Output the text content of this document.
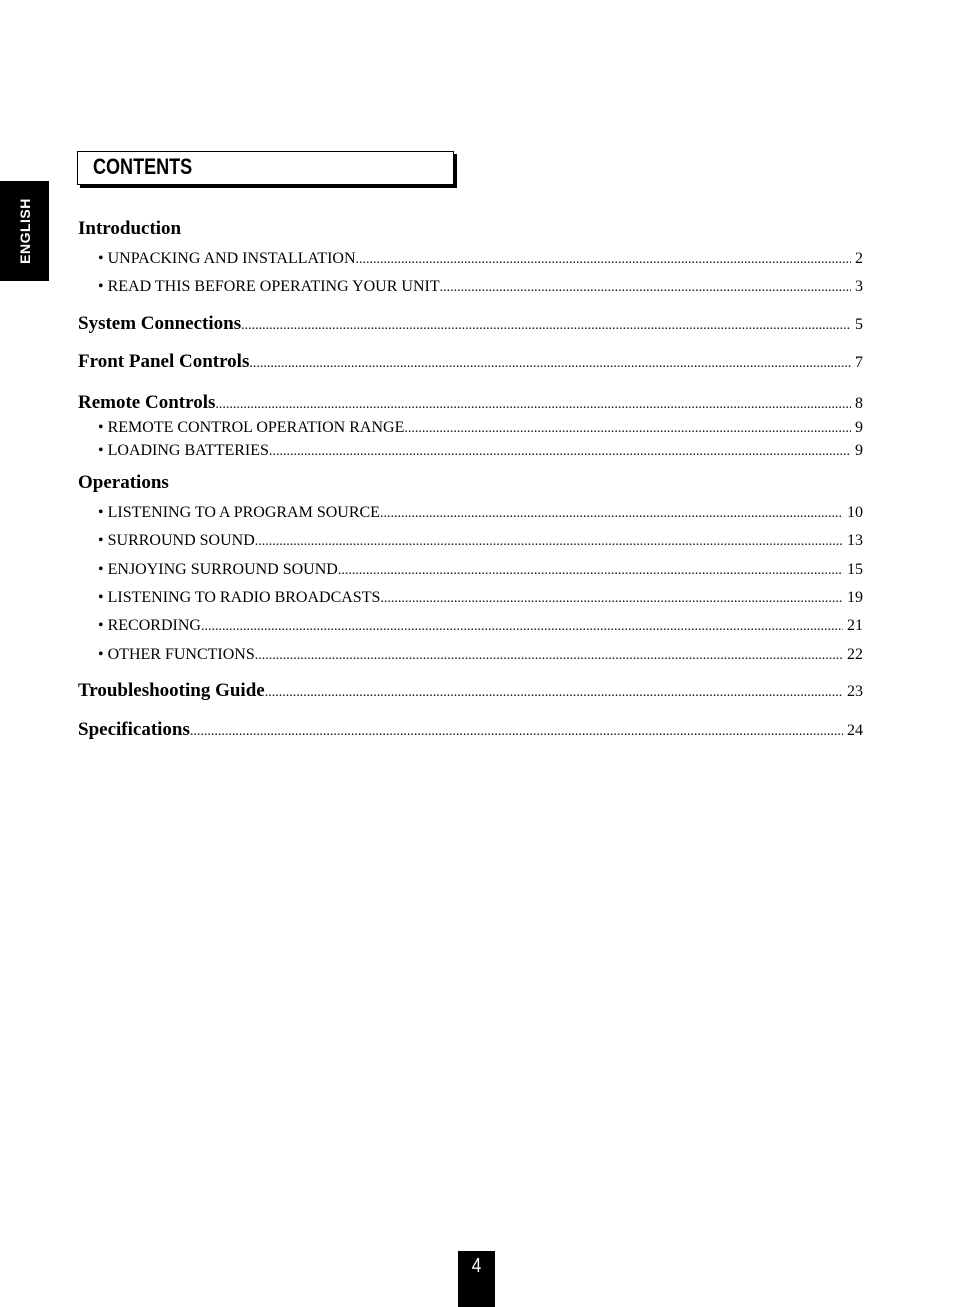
ENGLISH
CONTENTS
Introduction
• UNPACKING AND INSTALLATION .....	2
• READ THIS BEFORE OPERATING YOUR UNIT .....	3
System Connections .....	5
Front Panel Controls .....	7
Remote Controls .....	8
• REMOTE CONTROL OPERATION RANGE .....	9
• LOADING BATTERIES .....	9
Operations
• LISTENING TO A PROGRAM SOURCE .....	10
• SURROUND SOUND .....	13
• ENJOYING SURROUND SOUND .....	15
• LISTENING TO RADIO BROADCASTS .....	19
• RECORDING .....	21
• OTHER FUNCTIONS .....	22
Troubleshooting Guide .....	23
Specifications .....	24
4
